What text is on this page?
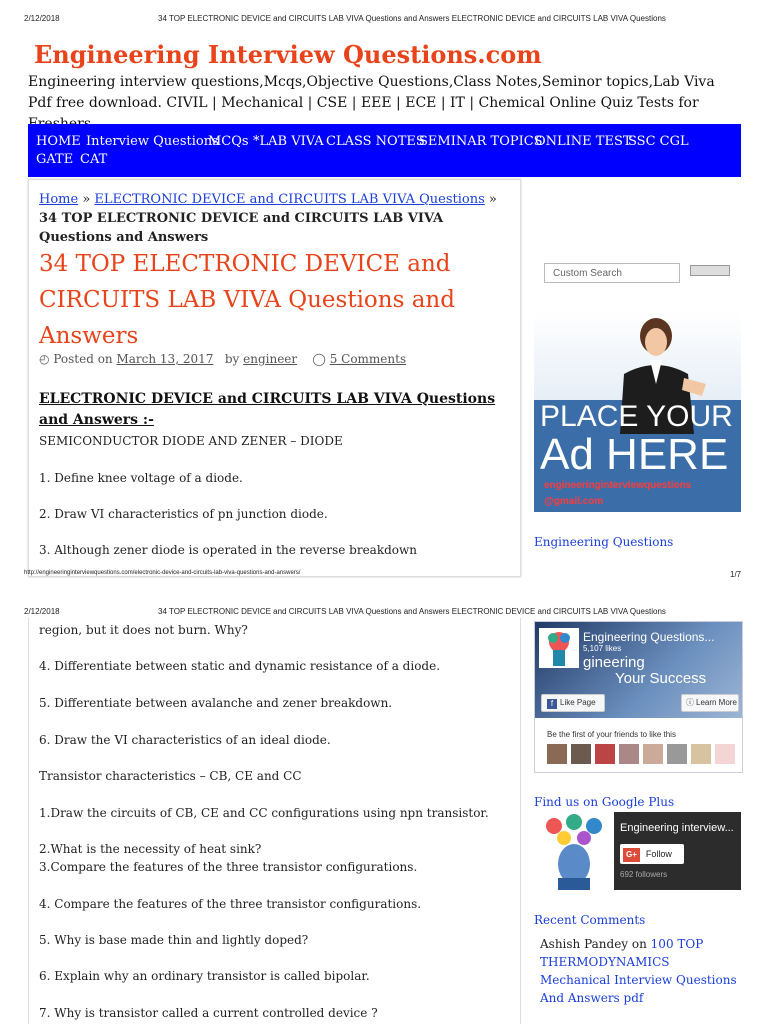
2/12/2018	34 TOP ELECTRONIC DEVICE and CIRCUITS LAB VIVA Questions and Answers ELECTRONIC DEVICE and CIRCUITS LAB VIVA Questions
Engineering Interview Questions.com
Engineering interview questions,Mcqs,Objective Questions,Class Notes,Seminor topics,Lab Viva Pdf free download. CIVIL | Mechanical | CSE | EEE | ECE | IT | Chemical Online Quiz Tests for
HOME Interview Questions
MCQs *LAB VIVA CLASS NOTES
SEMINAR TOPICS
ONLINE TEST
SSC CGL
GATE CAT
Home » ELECTRONIC DEVICE and CIRCUITS LAB VIVA Questions » 34 TOP ELECTRONIC DEVICE and CIRCUITS LAB VIVA Questions and Answers
34 TOP ELECTRONIC DEVICE and CIRCUITS LAB VIVA Questions and Answers
◴ Posted on March 13, 2017 by engineer ◯ 5 Comments
ELECTRONIC DEVICE and CIRCUITS LAB VIVA Questions and Answers :-
SEMICONDUCTOR DIODE AND ZENER – DIODE
1. Define knee voltage of a diode.
2. Draw VI characteristics of pn junction diode.
3. Although zener diode is operated in the reverse breakdown
Custom Search
PLACE YOUR
Ad HERE
engineeringinterviewquestions
@gmail.com
Engineering Questions
http://engineeringinterviewquestions.com/electronic-device-and-circuits-lab-viva-questions-and-answers/	1/7
2/12/2018	34 TOP ELECTRONIC DEVICE and CIRCUITS LAB VIVA Questions and Answers ELECTRONIC DEVICE and CIRCUITS LAB VIVA Questions
region, but it does not burn. Why?
4. Differentiate between static and dynamic resistance of a diode.
5. Differentiate between avalanche and zener breakdown.
6. Draw the VI characteristics of an ideal diode.
Transistor characteristics – CB, CE and CC
1.Draw the circuits of CB, CE and CC configurations using npn transistor.
2.What is the necessity of heat sink?
3.Compare the features of the three transistor configurations.
4. Compare the features of the three transistor configurations.
5. Why is base made thin and lightly doped?
6. Explain why an ordinary transistor is called bipolar.
7. Why is transistor called a current controlled device ?
Engineering Questions...
5,107 likes
gineering
Your Success
f Like Page	ⓘ Learn More
Be the first of your friends to like this
Find us on Google Plus
Engineering interview...
G+ Follow
692 followers
Recent Comments
Ashish Pandey on 100 TOP THERMODYNAMICS Mechanical Interview Questions And Answers pdf
